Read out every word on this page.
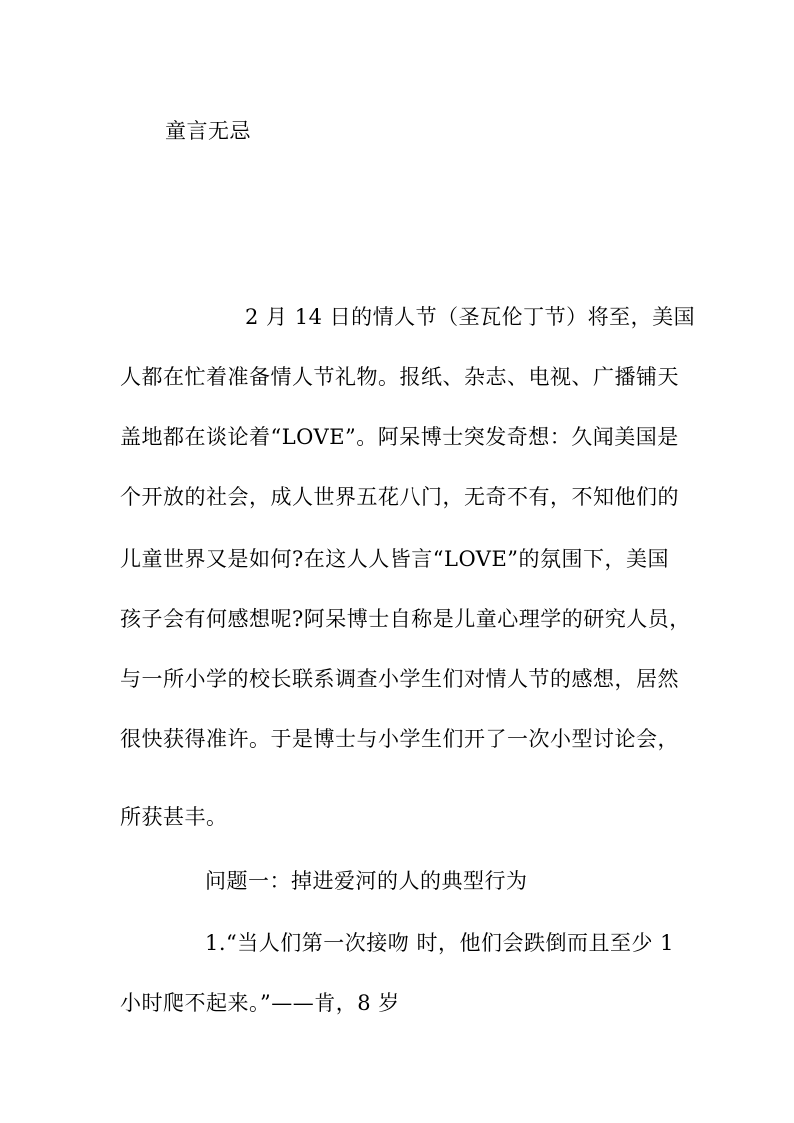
童言无忌
2 月 14 日的情人节（圣瓦伦丁节）将至，美国
人都在忙着准备情人节礼物。报纸、杂志、电视、广播铺天
盖地都在谈论着“LOVE”。阿呆博士突发奇想：久闻美国是
个开放的社会，成人世界五花八门，无奇不有，不知他们的
儿童世界又是如何?在这人人皆言“LOVE”的氛围下，美国
孩子会有何感想呢?阿呆博士自称是儿童心理学的研究人员，
与一所小学的校长联系调查小学生们对情人节的感想，居然
很快获得准许。于是博士与小学生们开了一次小型讨论会，
所获甚丰。
问题一：掉进爱河的人的典型行为
1.“当人们第一次接吻 时，他们会跌倒而且至少 1
小时爬不起来。”——肯，8 岁
